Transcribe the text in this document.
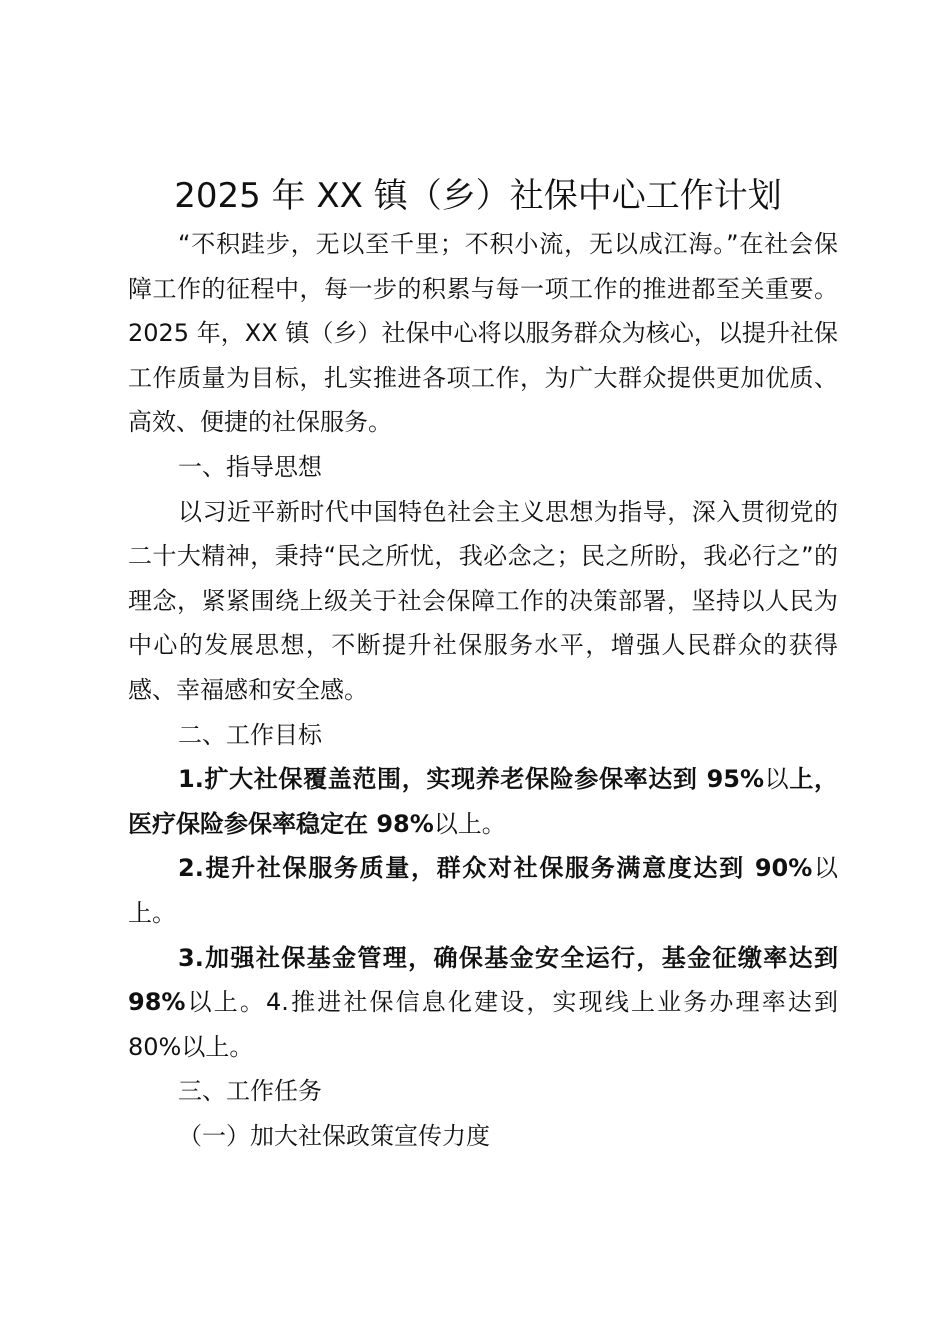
2025 年 XX 镇（乡）社保中心工作计划

“不积跬步，无以至千里；不积小流，无以成江海。”在社会保障工作的征程中，每一步的积累与每一项工作的推进都至关重要。2025 年，XX 镇（乡）社保中心将以服务群众为核心，以提升社保工作质量为目标，扎实推进各项工作，为广大群众提供更加优质、高效、便捷的社保服务。

一、指导思想

以习近平新时代中国特色社会主义思想为指导，深入贯彻党的二十大精神，秉持“民之所忧，我必念之；民之所盼，我必行之”的理念，紧紧围绕上级关于社会保障工作的决策部署，坚持以人民为中心的发展思想，不断提升社保服务水平，增强人民群众的获得感、幸福感和安全感。

二、工作目标

1.扩大社保覆盖范围，实现养老保险参保率达到 95%以上，医疗保险参保率稳定在 98%以上。

2.提升社保服务质量，群众对社保服务满意度达到 90%以上。

3.加强社保基金管理，确保基金安全运行，基金征缴率达到 98%以上。4.推进社保信息化建设，实现线上业务办理率达到 80%以上。

三、工作任务

（一）加大社保政策宣传力度
